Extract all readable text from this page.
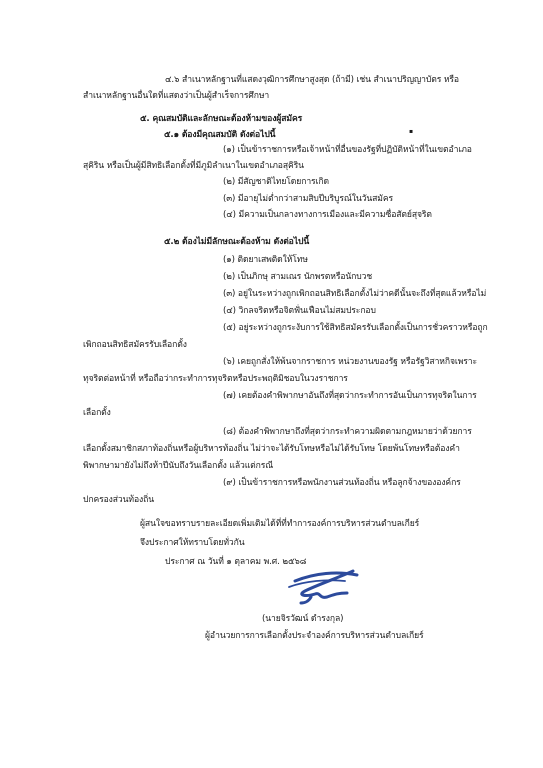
๔.๖ สำเนาหลักฐานที่แสดงวุฒิการศึกษาสูงสุด (ถ้ามี) เช่น สำเนาปริญญาบัตร หรือ
สำเนาหลักฐานอื่นใดที่แสดงว่าเป็นผู้สำเร็จการศึกษา
๕. คุณสมบัติและลักษณะต้องห้ามของผู้สมัคร
๕.๑ ต้องมีคุณสมบัติ ดังต่อไปนี้	▪
(๑) เป็นข้าราชการหรือเจ้าหน้าที่อื่นของรัฐที่ปฏิบัติหน้าที่ในเขตอำเภอ
สุคิริน หรือเป็นผู้มีสิทธิเลือกตั้งที่มีภูมิลำเนาในเขตอำเภอสุคิริน
(๒) มีสัญชาติไทยโดยการเกิด
(๓) มีอายุไม่ต่ำกว่าสามสิบปีบริบูรณ์ในวันสมัคร
(๔) มีความเป็นกลางทางการเมืองและมีความซื่อสัตย์สุจริต
๕.๒ ต้องไม่มีลักษณะต้องห้าม ดังต่อไปนี้
(๑) ติดยาเสพติดให้โทษ
(๒) เป็นภิกษุ สามเณร นักพรตหรือนักบวช
(๓) อยู่ในระหว่างถูกเพิกถอนสิทธิเลือกตั้งไม่ว่าคดีนั้นจะถึงที่สุดแล้วหรือไม่
(๔) วิกลจริตหรือจิตฟั่นเฟือนไม่สมประกอบ
(๕) อยู่ระหว่างถูกระงับการใช้สิทธิสมัครรับเลือกตั้งเป็นการชั่วคราวหรือถูก
เพิกถอนสิทธิสมัครรับเลือกตั้ง
(๖) เคยถูกสั่งให้พ้นจากราชการ หน่วยงานของรัฐ หรือรัฐวิสาหกิจเพราะ
ทุจริตต่อหน้าที่ หรือถือว่ากระทำการทุจริตหรือประพฤติมิชอบในวงราชการ
(๗) เคยต้องคำพิพากษาอันถึงที่สุดว่ากระทำการอันเป็นการทุจริตในการ
เลือกตั้ง
(๘) ต้องคำพิพากษาถึงที่สุดว่ากระทำความผิดตามกฎหมายว่าด้วยการ
เลือกตั้งสมาชิกสภาท้องถิ่นหรือผู้บริหารท้องถิ่น ไม่ว่าจะได้รับโทษหรือไม่ได้รับโทษ โดยพ้นโทษหรือต้องคำ
พิพากษามายังไม่ถึงห้าปีนับถึงวันเลือกตั้ง แล้วแต่กรณี
(๙) เป็นข้าราชการหรือพนักงานส่วนท้องถิ่น หรือลูกจ้างขององค์กร
ปกครองส่วนท้องถิ่น
ผู้สนใจขอทราบรายละเอียดเพิ่มเติมได้ที่ที่ทำการองค์การบริหารส่วนตำบลเกียร์
จึงประกาศให้ทราบโดยทั่วกัน
ประกาศ ณ วันที่ ๑ ตุลาคม พ.ศ. ๒๕๖๘
(นายจิรวัฒน์ ดำรงกุล)
ผู้อำนวยการการเลือกตั้งประจำองค์การบริหารส่วนตำบลเกียร์
